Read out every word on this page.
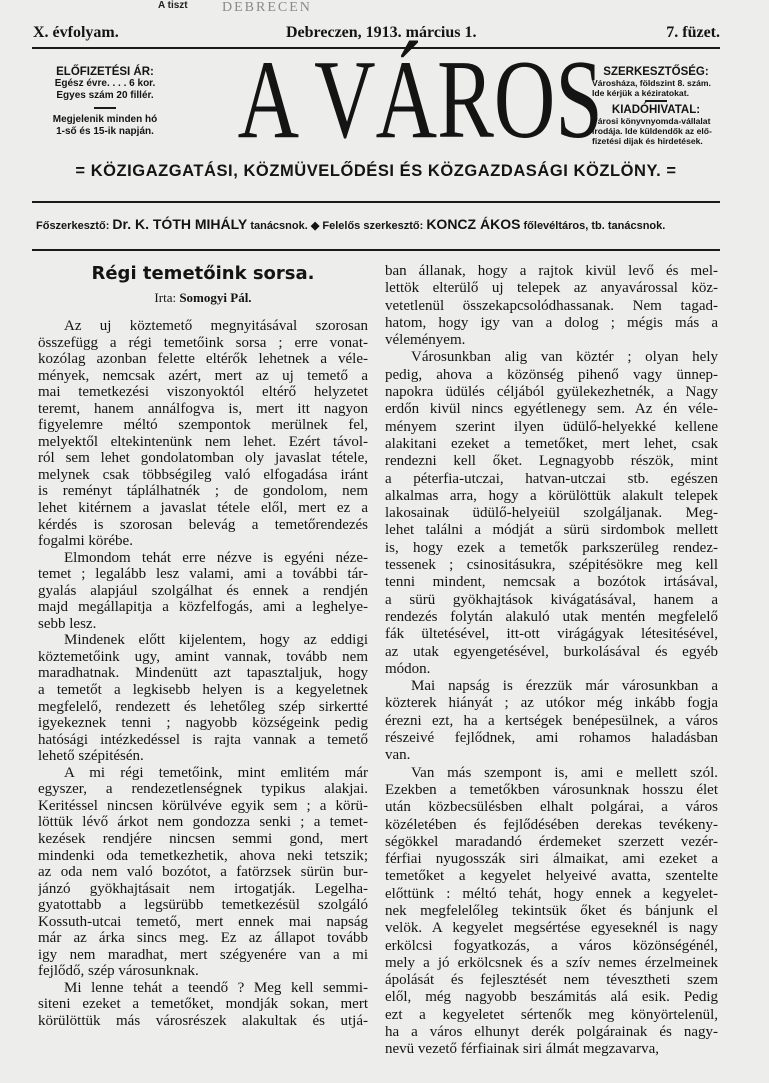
A tiszt DEBRECEN
X. évfolyam.	Debreczen, 1913. március 1.	7. füzet.
ELŐFIZETÉSI ÁR:
Egész évre. . . . 6 kor.
Egyes szám 20 fillér.
Megjelenik minden hó
1-ső és 15-ik napján. A VÁROS SZERKESZTŐSÉG:
Városháza, földszint 8. szám.
Ide kérjük a kéziratokat.
KIADÓHIVATAL:
Városi könyvnyomda-vállalat
irodája. Ide küldendők az elő-
fizetési dijak és hirdetések.
= KÖZIGAZGATÁSI, KÖZMÜVELŐDÉSI ÉS KÖZGAZDASÁGI KÖZLÖNY. =
Főszerkesztő: Dr. K. TÓTH MIHÁLY tanácsnok. ◆ Felelős szerkesztő: KONCZ ÁKOS főlevéltáros, tb. tanácsnok.
Régi temetőink sorsa.
Irta: Somogyi Pál.
Az uj köztemető megnyitásával szorosan
összefügg a régi temetőink sorsa ; erre vonat-
kozólag azonban felette eltérők lehetnek a véle-
mények, nemcsak azért, mert az uj temető a
mai temetkezési viszonyoktól eltérő helyzetet
teremt, hanem annálfogva is, mert itt nagyon
figyelemre méltó szempontok merülnek fel,
melyektől eltekintenünk nem lehet. Ezért távol-
ról sem lehet gondolatomban oly javaslat tétele,
melynek csak többségileg való elfogadása iránt
is reményt táplálhatnék ; de gondolom, nem
lehet kitérnem a javaslat tétele elől, mert ez a
kérdés is szorosan belevág a temetőrendezés
fogalmi körébe.
Elmondom tehát erre nézve is egyéni néze-
temet ; legalább lesz valami, ami a további tár-
gyalás alapjául szolgálhat és ennek a rendjén
majd megállapitja a közfelfogás, ami a leghelye-
sebb lesz.
Mindenek előtt kijelentem, hogy az eddigi
köztemetőink ugy, amint vannak, tovább nem
maradhatnak. Mindenütt azt tapasztaljuk, hogy
a temetőt a legkisebb helyen is a kegyeletnek
megfelelő, rendezett és lehetőleg szép sirkertté
igyekeznek tenni ; nagyobb községeink pedig
hatósági intézkedéssel is rajta vannak a temető
lehető szépitésén.
A mi régi temetőink, mint emlitém már
egyszer, a rendezetlenségnek typikus alakjai.
Keritéssel nincsen körülvéve egyik sem ; a körü-
löttük lévő árkot nem gondozza senki ; a temet-
kezések rendjére nincsen semmi gond, mert
mindenki oda temetkezhetik, ahova neki tetszik;
az oda nem való bozótot, a fatörzsek sürün bur-
jánzó gyökhajtásait nem irtogatják. Legelha-
gyatottabb a legsürübb temetkezésül szolgáló
Kossuth-utcai temető, mert ennek mai napság
már az árka sincs meg. Ez az állapot tovább
igy nem maradhat, mert szégyenére van a mi
fejlődő, szép városunknak.
Mi lenne tehát a teendő ? Meg kell semmi-
siteni ezeket a temetőket, mondják sokan, mert
körülöttük más városrészek alakultak és utjá-
ban állanak, hogy a rajtok kivül levő és mel-
lettök elterülő uj telepek az anyavárossal köz-
vetetlenül összekapcsolódhassanak. Nem tagad-
hatom, hogy igy van a dolog ; mégis más a
véleményem.
Városunkban alig van köztér ; olyan hely
pedig, ahova a közönség pihenő vagy ünnep-
napokra üdülés céljából gyülekezhetnék, a Nagy
erdőn kivül nincs egyétlenegy sem. Az én véle-
ményem szerint ilyen üdülő-helyekké kellene
alakitani ezeket a temetőket, mert lehet, csak
rendezni kell őket. Legnagyobb részök, mint
a péterfia-utczai, hatvan-utczai stb. egészen
alkalmas arra, hogy a körülöttük alakult telepek
lakosainak üdülő-helyeiül szolgáljanak. Meg-
lehet találni a módját a sürü sirdombok mellett
is, hogy ezek a temetők parkszerüleg rendez-
tessenek ; csinositásukra, szépitésökre meg kell
tenni mindent, nemcsak a bozótok irtásával,
a sürü gyökhajtások kivágatásával, hanem a
rendezés folytán alakuló utak mentén megfelelő
fák ültetésével, itt-ott virágágyak létesitésével,
az utak egyengetésével, burkolásával és egyéb
módon.
Mai napság is érezzük már városunkban a
közterek hiányát ; az utókor még inkább fogja
érezni ezt, ha a kertségek benépesülnek, a város
részeivé fejlődnek, ami rohamos haladásban
van.
Van más szempont is, ami e mellett szól.
Ezekben a temetőkben városunknak hosszu élet
után közbecsülésben elhalt polgárai, a város
közéletében és fejlődésében derekas tevékeny-
ségökkel maradandó érdemeket szerzett vezér-
férfiai nyugosszák siri álmaikat, ami ezeket a
temetőket a kegyelet helyeivé avatta, szentelte
előttünk : méltó tehát, hogy ennek a kegyelet-
nek megfelelőleg tekintsük őket és bánjunk el
velök. A kegyelet megsértése egyeseknél is nagy
erkölcsi fogyatkozás, a város közönségénél,
mely a jó erkölcsnek és a szív nemes érzelmeinek
ápolását és fejlesztését nem tévesztheti szem
elől, még nagyobb beszámitás alá esik. Pedig
ezt a kegyeletet sértenők meg könyörtelenül,
ha a város elhunyt derék polgárainak és nagy-
nevü vezető férfiainak siri álmát megzavarva,
